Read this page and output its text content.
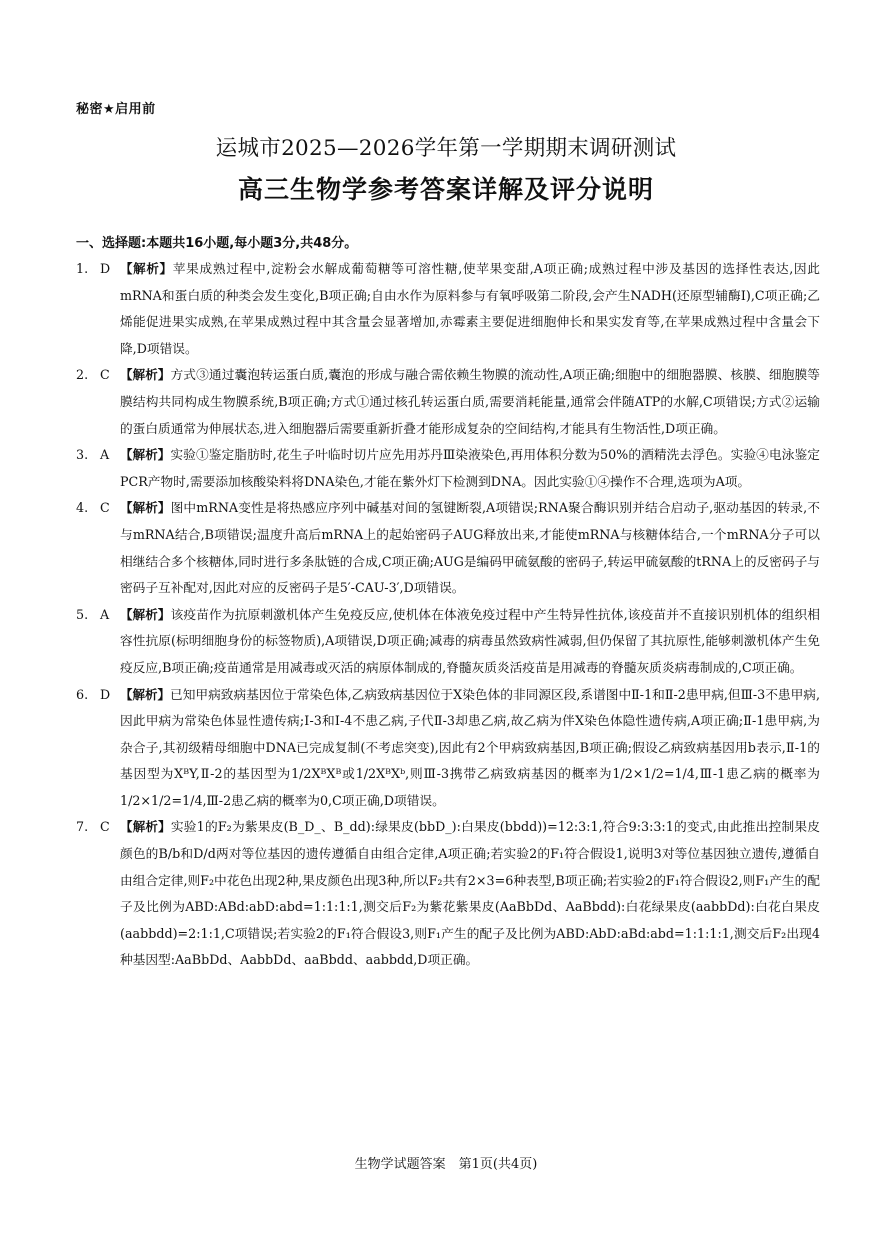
秘密★启用前
运城市2025—2026学年第一学期期末调研测试
高三生物学参考答案详解及评分说明
一、选择题:本题共16小题,每小题3分,共48分。
1. D 【解析】苹果成熟过程中,淀粉会水解成葡萄糖等可溶性糖,使苹果变甜,A项正确;成熟过程中涉及基因的选择性表达,因此mRNA和蛋白质的种类会发生变化,B项正确;自由水作为原料参与有氧呼吸第二阶段,会产生NADH(还原型辅酶Ⅰ),C项正确;乙烯能促进果实成熟,在苹果成熟过程中其含量会显著增加,赤霉素主要促进细胞伸长和果实发育等,在苹果成熟过程中含量会下降,D项错误。
2. C 【解析】方式③通过囊泡转运蛋白质,囊泡的形成与融合需依赖生物膜的流动性,A项正确;细胞中的细胞器膜、核膜、细胞膜等膜结构共同构成生物膜系统,B项正确;方式①通过核孔转运蛋白质,需要消耗能量,通常会伴随ATP的水解,C项错误;方式②运输的蛋白质通常为伸展状态,进入细胞器后需要重新折叠才能形成复杂的空间结构,才能具有生物活性,D项正确。
3. A 【解析】实验①鉴定脂肪时,花生子叶临时切片应先用苏丹Ⅲ染液染色,再用体积分数为50%的酒精洗去浮色。实验④电泳鉴定PCR产物时,需要添加核酸染料将DNA染色,才能在紫外灯下检测到DNA。因此实验①④操作不合理,选项为A项。
4. C 【解析】图中mRNA变性是将热感应序列中碱基对间的氢键断裂,A项错误;RNA聚合酶识别并结合启动子,驱动基因的转录,不与mRNA结合,B项错误;温度升高后mRNA上的起始密码子AUG释放出来,才能使mRNA与核糖体结合,一个mRNA分子可以相继结合多个核糖体,同时进行多条肽链的合成,C项正确;AUG是编码甲硫氨酸的密码子,转运甲硫氨酸的tRNA上的反密码子与密码子互补配对,因此对应的反密码子是5′-CAU-3′,D项错误。
5. A 【解析】该疫苗作为抗原刺激机体产生免疫反应,使机体在体液免疫过程中产生特异性抗体,该疫苗并不直接识别机体的组织相容性抗原(标明细胞身份的标签物质),A项错误,D项正确;减毒的病毒虽然致病性减弱,但仍保留了其抗原性,能够刺激机体产生免疫反应,B项正确;疫苗通常是用减毒或灭活的病原体制成的,脊髓灰质炎活疫苗是用减毒的脊髓灰质炎病毒制成的,C项正确。
6. D 【解析】已知甲病致病基因位于常染色体,乙病致病基因位于X染色体的非同源区段,系谱图中Ⅱ-1和Ⅱ-2患甲病,但Ⅲ-3不患甲病,因此甲病为常染色体显性遗传病;Ⅰ-3和Ⅰ-4不患乙病,子代Ⅱ-3却患乙病,故乙病为伴X染色体隐性遗传病,A项正确;Ⅱ-1患甲病,为杂合子,其初级精母细胞中DNA已完成复制(不考虑突变),因此有2个甲病致病基因,B项正确;假设乙病致病基因用b表示,Ⅱ-1的基因型为XᴮY,Ⅱ-2的基因型为1/2XᴮXᴮ或1/2XᴮXᵇ,则Ⅲ-3携带乙病致病基因的概率为1/2×1/2=1/4,Ⅲ-1患乙病的概率为1/2×1/2=1/4,Ⅲ-2患乙病的概率为0,C项正确,D项错误。
7. C 【解析】实验1的F₂为紫果皮(B_D_、B_dd):绿果皮(bbD_):白果皮(bbdd))=12:3:1,符合9:3:3:1的变式,由此推出控制果皮颜色的B/b和D/d两对等位基因的遗传遵循自由组合定律,A项正确;若实验2的F₁符合假设1,说明3对等位基因独立遗传,遵循自由组合定律,则F₂中花色出现2种,果皮颜色出现3种,所以F₂共有2×3=6种表型,B项正确;若实验2的F₁符合假设2,则F₁产生的配子及比例为ABD:ABd:abD:abd=1:1:1:1,测交后F₂为紫花紫果皮(AaBbDd、AaBbdd):白花绿果皮(aabbDd):白花白果皮(aabbdd)=2:1:1,C项错误;若实验2的F₁符合假设3,则F₁产生的配子及比例为ABD:AbD:aBd:abd=1:1:1:1,测交后F₂出现4种基因型:AaBbDd、AabbDd、aaBbdd、aabbdd,D项正确。
生物学试题答案　第1页(共4页)
